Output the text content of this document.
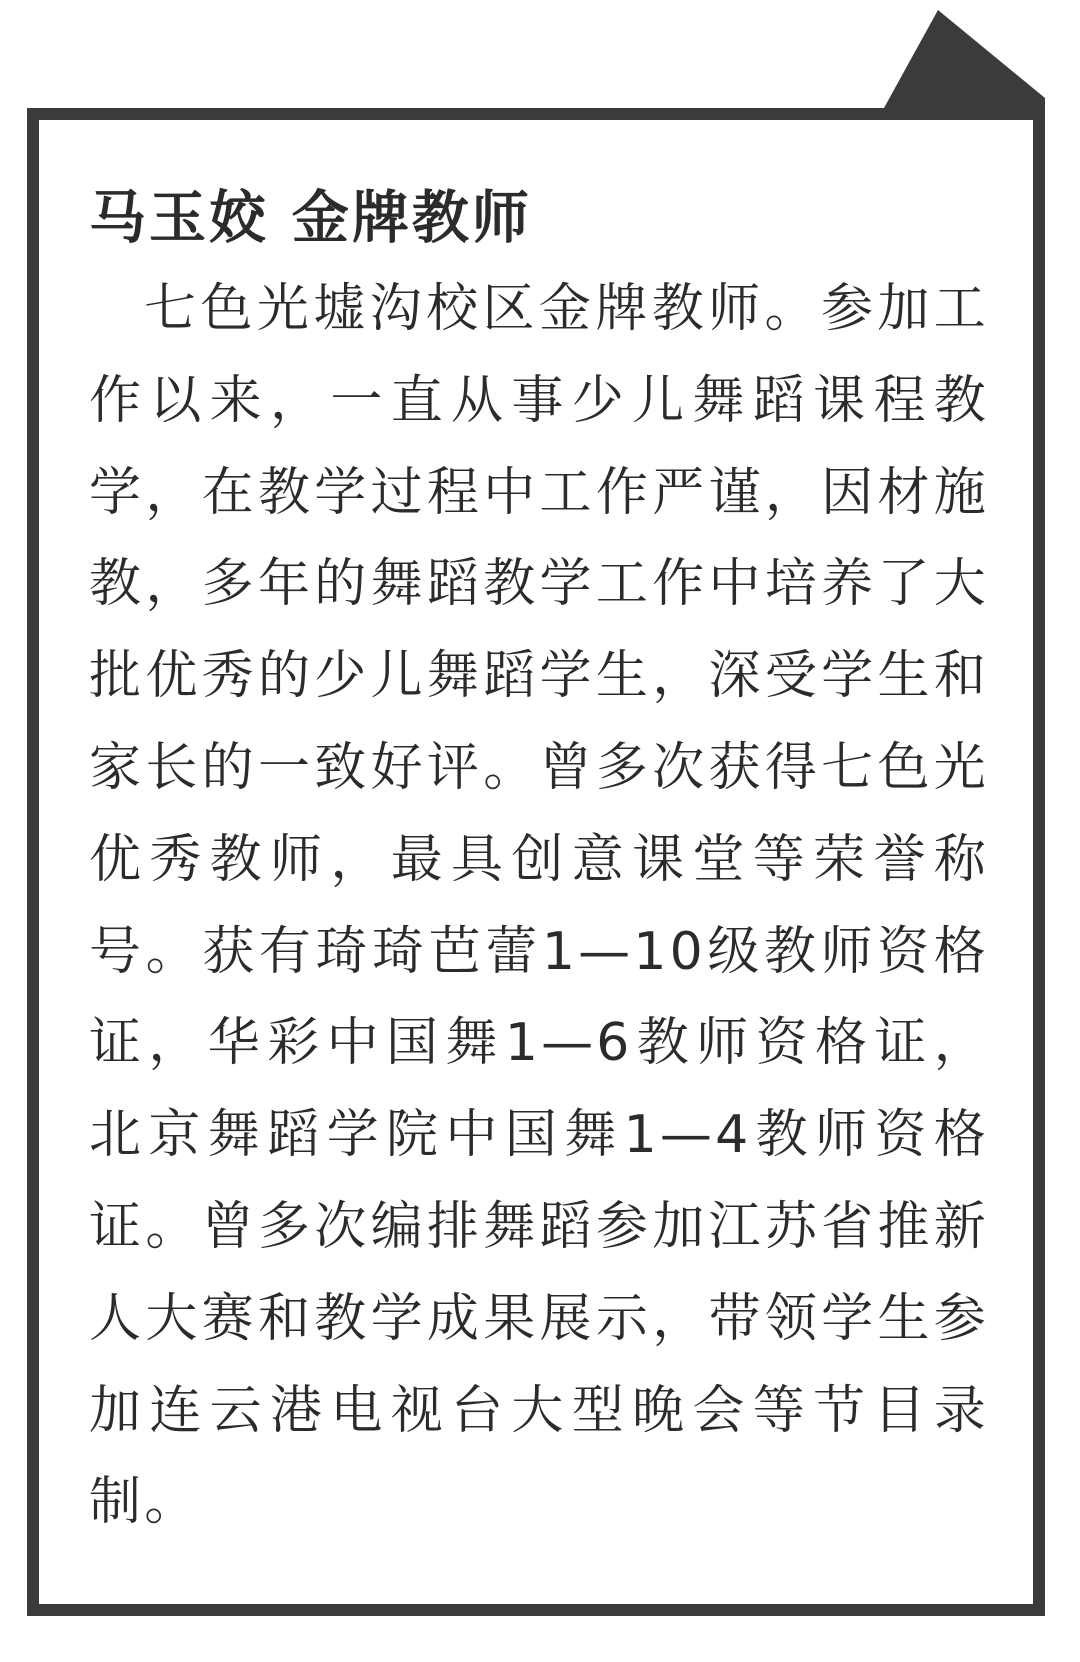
马玉姣 金牌教师

七色光墟沟校区金牌教师。参加工作以来，一直从事少儿舞蹈课程教学，在教学过程中工作严谨，因材施教，多年的舞蹈教学工作中培养了大批优秀的少儿舞蹈学生，深受学生和家长的一致好评。曾多次获得七色光优秀教师，最具创意课堂等荣誉称号。获有琦琦芭蕾1—10级教师资格证，华彩中国舞1—6教师资格证，北京舞蹈学院中国舞1—4教师资格证。曾多次编排舞蹈参加江苏省推新人大赛和教学成果展示，带领学生参加连云港电视台大型晚会等节目录制。
